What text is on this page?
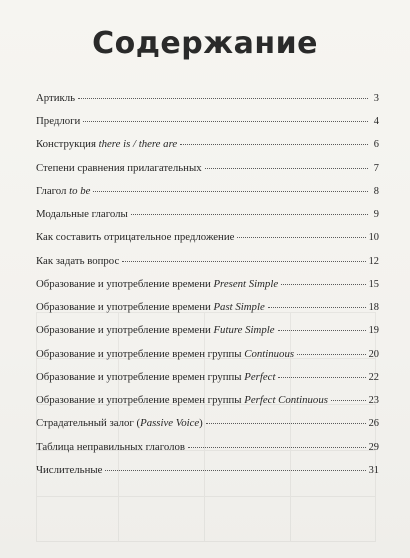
Содержание
Артикль	3
Предлоги	4
Конструкция there is / there are	6
Степени сравнения прилагательных	7
Глагол to be	8
Модальные глаголы	9
Как составить отрицательное предложение	10
Как задать вопрос	12
Образование и употребление времени Present Simple	15
Образование и употребление времени Past Simple	18
Образование и употребление времени Future Simple	19
Образование и употребление времен группы Continuous	20
Образование и употребление времен группы Perfect	22
Образование и употребление времен группы Perfect Continuous	23
Страдательный залог (Passive Voice)	26
Таблица неправильных глаголов	29
Числительные	31
